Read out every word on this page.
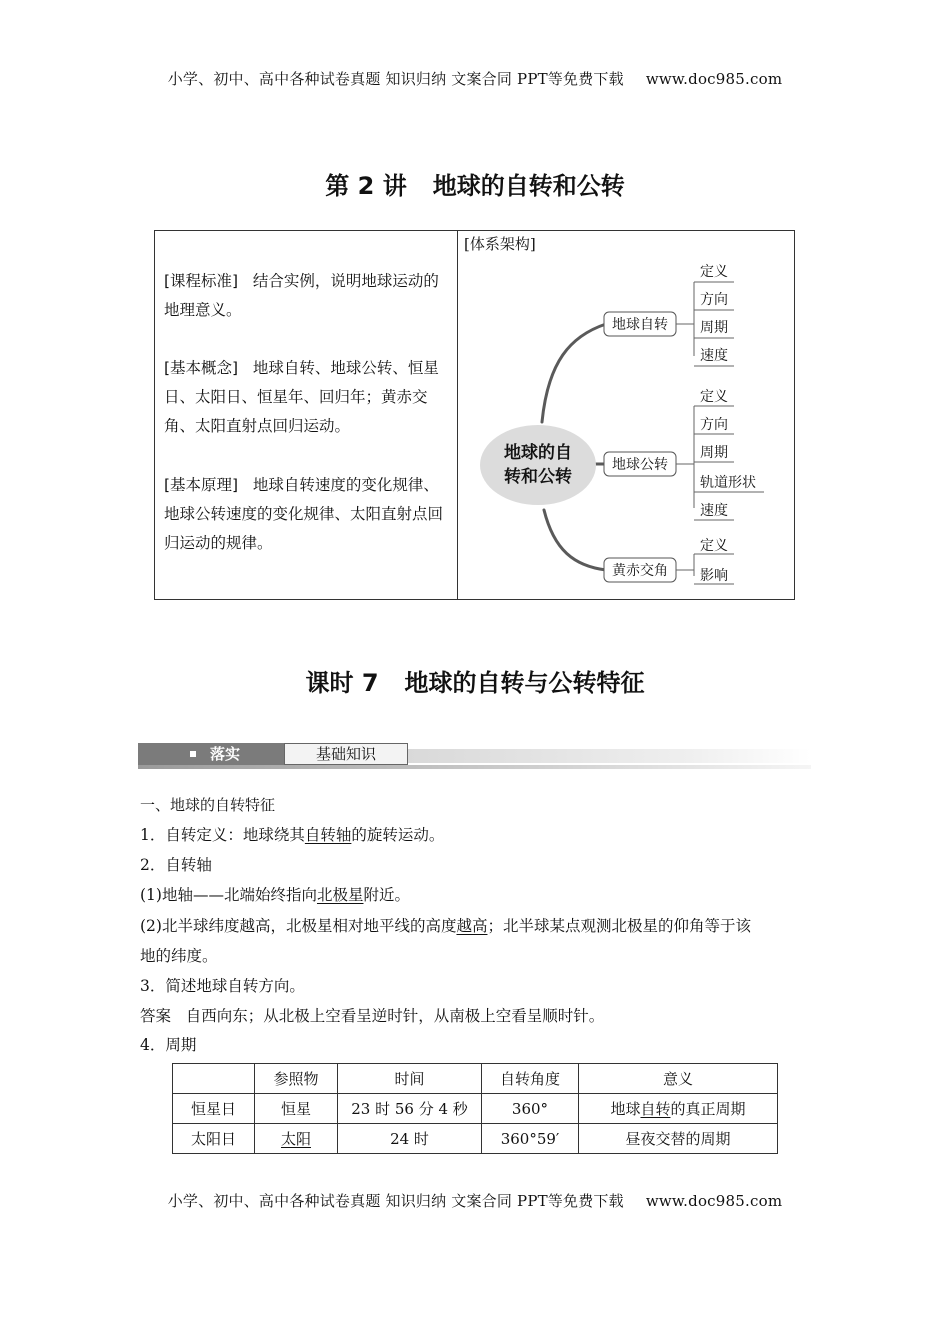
小学、初中、高中各种试卷真题 知识归纳 文案合同 PPT等免费下载 www.doc985.com
第 2 讲 地球的自转和公转
[课程标准] 结合实例，说明地球运动的地理意义。
[基本概念] 地球自转、地球公转、恒星日、太阳日、恒星年、回归年；黄赤交角、太阳直射点回归运动。
[基本原理] 地球自转速度的变化规律、地球公转速度的变化规律、太阳直射点回归运动的规律。
[体系架构]
地球的自
转和公转
地球自转
地球公转
黄赤交角
定义
方向
周期
速度
定义
方向
周期
轨道形状
速度
定义
影响
课时 7 地球的自转与公转特征
落实	基础知识
一、地球的自转特征
1．自转定义：地球绕其自转轴的旋转运动。
2．自转轴
(1)地轴——北端始终指向北极星附近。
(2)北半球纬度越高，北极星相对地平线的高度越高；北半球某点观测北极星的仰角等于该
地的纬度。
3．简述地球自转方向。
答案 自西向东；从北极上空看呈逆时针，从南极上空看呈顺时针。
4．周期
	参照物	时间	自转角度	意义
恒星日	恒星	23 时 56 分 4 秒	360°	地球自转的真正周期
太阳日	太阳	24 时	360°59′	昼夜交替的周期
小学、初中、高中各种试卷真题 知识归纳 文案合同 PPT等免费下载 www.doc985.com
